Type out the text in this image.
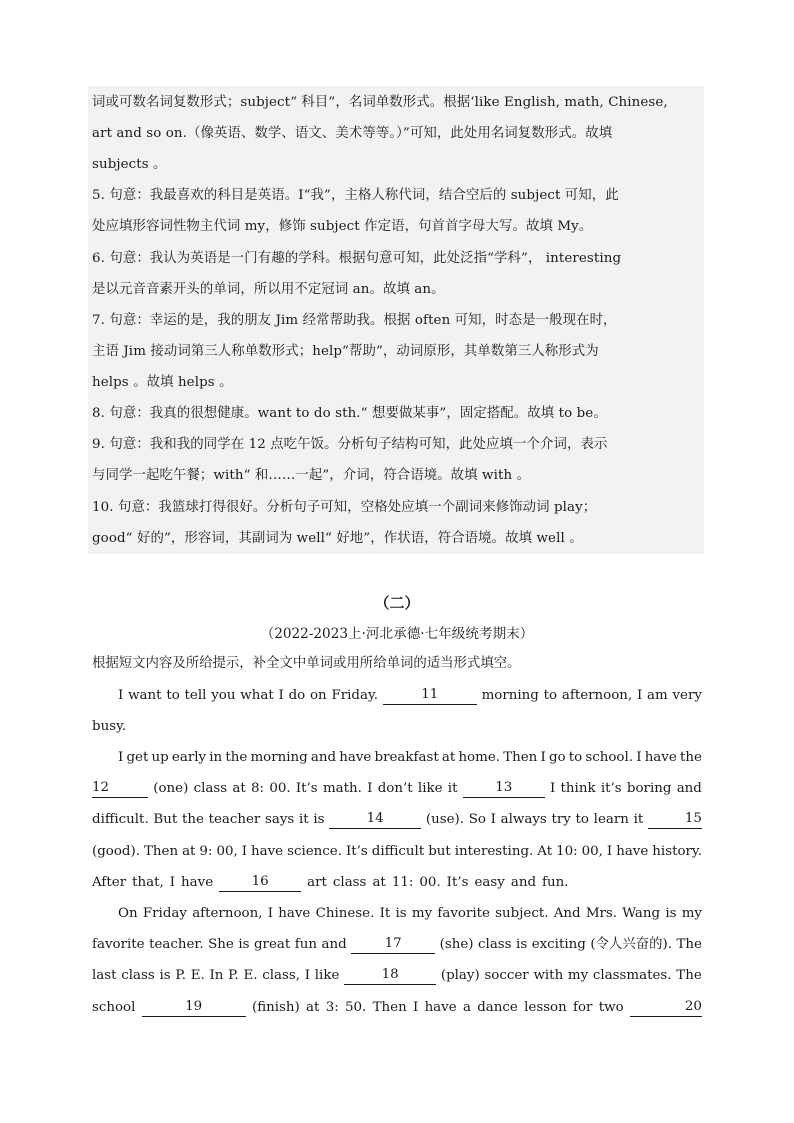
词或可数名词复数形式；subject“ 科目”，名词单数形式。根据‘like English, math, Chinese,
art and so on.（像英语、数学、语文、美术等等。）”可知，此处用名词复数形式。故填
subjects 。
5. 句意：我最喜欢的科目是英语。I“我”，主格人称代词，结合空后的 subject 可知，此
处应填形容词性物主代词 my，修饰 subject 作定语，句首首字母大写。故填 My。
6. 句意：我认为英语是一门有趣的学科。根据句意可知，此处泛指“学科”， interesting
是以元音音素开头的单词，所以用不定冠词 an。故填 an。
7. 句意：幸运的是，我的朋友 Jim 经常帮助我。根据 often 可知，时态是一般现在时，
主语 Jim 接动词第三人称单数形式；help“帮助”，动词原形，其单数第三人称形式为
helps 。故填 helps 。
8. 句意：我真的很想健康。want to do sth.“ 想要做某事”，固定搭配。故填 to be。
9. 句意：我和我的同学在 12 点吃午饭。分析句子结构可知，此处应填一个介词，表示
与同学一起吃午餐；with“ 和……一起”，介词，符合语境。故填 with 。
10. 句意：我篮球打得很好。分析句子可知，空格处应填一个副词来修饰动词 play；
good“ 好的”，形容词，其副词为 well“ 好地”，作状语，符合语境。故填 well 。
（二）
（2022-2023上·河北承德·七年级统考期末）
根据短文内容及所给提示，补全文中单词或用所给单词的适当形式填空。
I want to tell you what I do on Friday.	11	morning to afternoon, I am very
busy.
I get up early in the morning and have breakfast at home. Then I go to school. I have the
12	(one) class at 8: 00. It’s math. I don’t like it	13	I think it’s boring and
difficult. But the teacher says it is	14	(use). So I always try to learn it	15
(good). Then at 9: 00, I have science. It’s difficult but interesting. At 10: 00, I have history.
After that, I have	16	art class at 11: 00. It’s easy and fun.
On Friday afternoon, I have Chinese. It is my favorite subject. And Mrs. Wang is my
favorite teacher. She is great fun and	17	(she) class is exciting (令人兴奋的). The
last class is P. E. In P. E. class, I like	18	(play) soccer with my classmates. The
school	19	(finish) at 3: 50. Then I have a dance lesson for two	20
